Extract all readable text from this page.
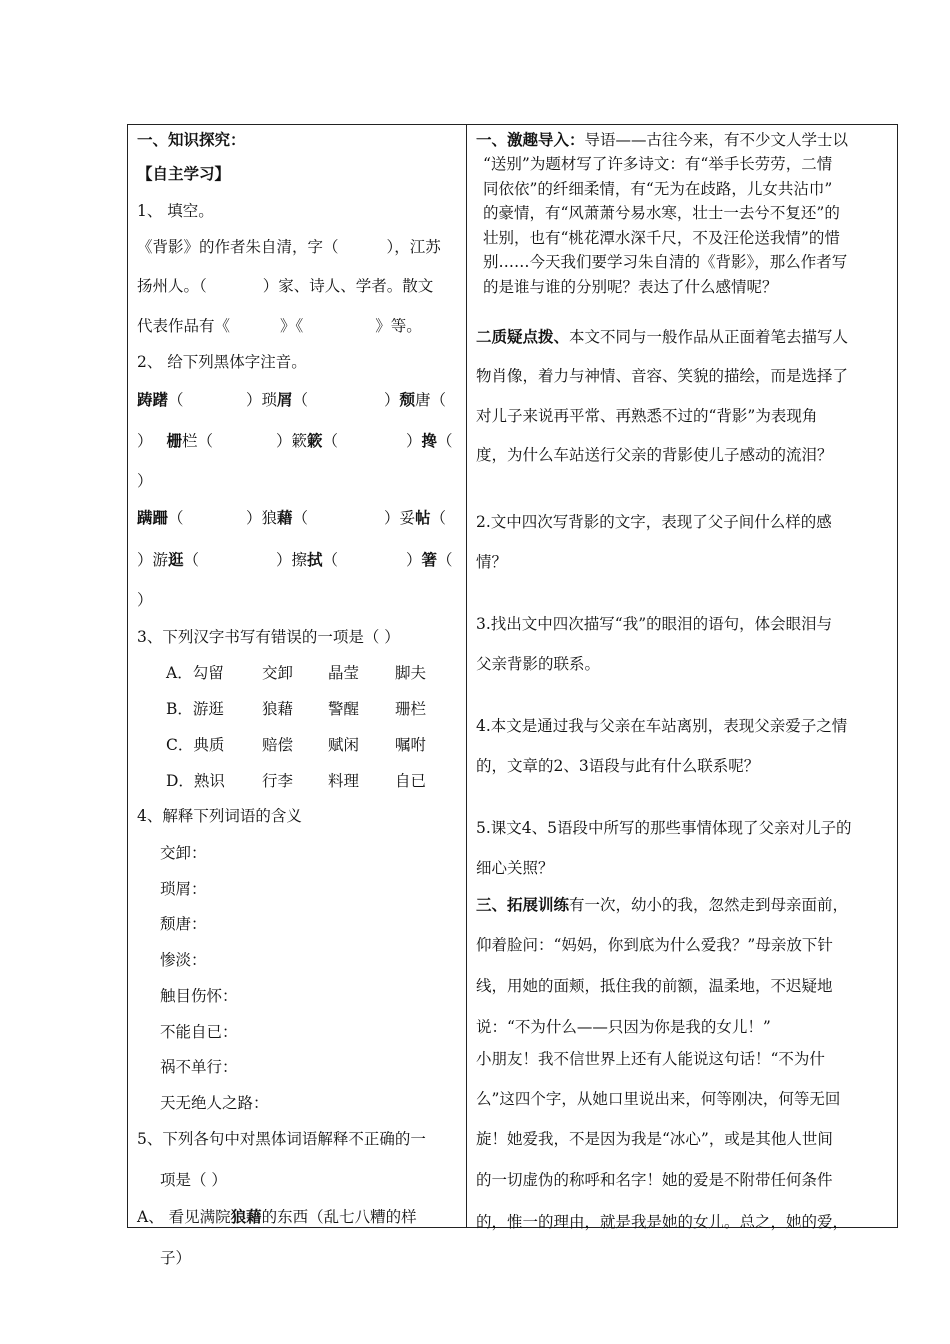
一、知识探究：
【自主学习】
1、 填空。
《背影》的作者朱自清，字（	），江苏
扬州人。（	）家、诗人、学者。散文
代表作品有《	》《	》等。
2、 给下列黑体字注音。
踌躇（	）琐屑（	）颓唐（
） 栅栏（	）簌簌（	）搀（
）
蹒跚（	）狼藉（	）妥帖（
）游逛（	）擦拭（	）箸（
）
3、下列汉字书写有错误的一项是（ ）
A．勾留 交卸 晶莹 脚夫
B．游逛 狼藉 警醒 珊栏
C．典质 赔偿 赋闲 嘱咐
D．熟识 行李 料理 自已
4、解释下列词语的含义
交卸：
琐屑：
颓唐：
惨淡：
触目伤怀：
不能自已：
祸不单行：
天无绝人之路：
5、下列各句中对黑体词语解释不正确的一
项是（ ）
A、 看见满院狼藉的东西（乱七八糟的样
子）
一、激趣导入：导语——古往今来，有不少文人学士以
“送别”为题材写了许多诗文：有“举手长劳劳，二情
同依依”的纤细柔情，有“无为在歧路，儿女共沾巾”
的豪情，有“风萧萧兮易水寒，壮士一去兮不复还”的
壮别，也有“桃花潭水深千尺，不及汪伦送我情”的惜
别……今天我们要学习朱自清的《背影》，那么作者写
的是谁与谁的分别呢？表达了什么感情呢？
二质疑点拨、本文不同与一般作品从正面着笔去描写人
物肖像，着力与神情、音容、笑貌的描绘，而是选择了
对儿子来说再平常、再熟悉不过的“背影”为表现角
度，为什么车站送行父亲的背影使儿子感动的流泪？
2.文中四次写背影的文字，表现了父子间什么样的感
情？
3.找出文中四次描写“我”的眼泪的语句，体会眼泪与
父亲背影的联系。
4.本文是通过我与父亲在车站离别，表现父亲爱子之情
的，文章的2、3语段与此有什么联系呢？
5.课文4、5语段中所写的那些事情体现了父亲对儿子的
细心关照？
三、拓展训练有一次，幼小的我，忽然走到母亲面前，
仰着脸问：“妈妈，你到底为什么爱我？”母亲放下针
线，用她的面颊，抵住我的前额，温柔地，不迟疑地
说：“不为什么——只因为你是我的女儿！”
小朋友！我不信世界上还有人能说这句话！“不为什
么”这四个字，从她口里说出来，何等刚决，何等无回
旋！她爱我，不是因为我是“冰心”，或是其他人世间
的一切虚伪的称呼和名字！她的爱是不附带任何条件
的，惟一的理由，就是我是她的女儿。总之，她的爱，
